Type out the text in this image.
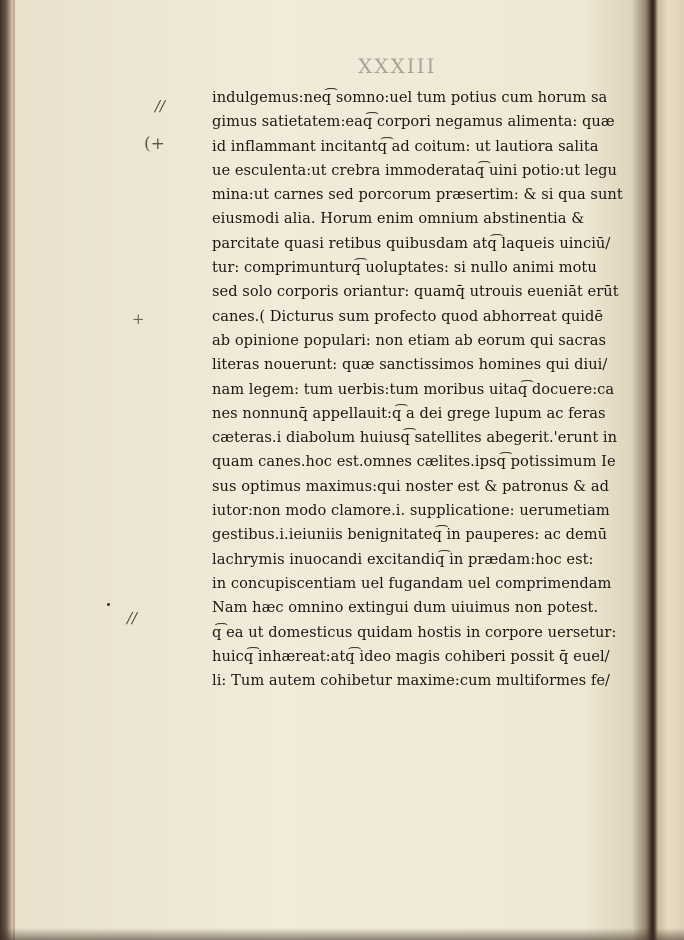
XXXIII
//
(+
+
//
indulgemus:neq͡ somno:uel tum potius cum horum sa
gimus satietatem:eaq͡ corpori negamus alimenta: quæ
id inflammant incitantq͡ ad coitum: ut lautiora salita
ue esculenta:ut crebra immoderataq͡ uini potio:ut legu
mina:ut carnes sed porcorum præsertim: & si qua sunt
eiusmodi alia. Horum enim omnium abstinentia &
parcitate quasi retibus quibusdam atq͡ laqueis uinciū/
tur: comprimunturq͡ uoluptates: si nullo animi motu
sed solo corporis oriantur: quamq̄ utrouis eueniāt erūt
canes.( Dicturus sum profecto quod abhorreat quidē
ab opinione populari: non etiam ab eorum qui sacras
literas nouerunt: quæ sanctissimos homines qui diui/
nam legem: tum uerbis:tum moribus uitaq͡ docuere:ca
nes nonnunq̄ appellauit:q͡ a dei grege lupum ac feras
cæteras.i diabolum huiusq͡ satellites abegerit.'erunt in
quam canes.hoc est.omnes cælites.ipsq͡ potissimum Ie
sus optimus maximus:qui noster est & patronus & ad
iutor:non modo clamore.i. supplicatione: uerumetiam
gestibus.i.ieiuniis benignitateq͡ in pauperes: ac demū
lachrymis inuocandi excitandiq͡ in prædam:hoc est:
in concupiscentiam uel fugandam uel comprimendam
Nam hæc omnino extingui dum uiuimus non potest.
q͡ ea ut domesticus quidam hostis in corpore uersetur:
huicq͡ inhæreat:atq͡ ideo magis cohiberi possit q̄ euel/
li: Tum autem cohibetur maxime:cum multiformes fe/
